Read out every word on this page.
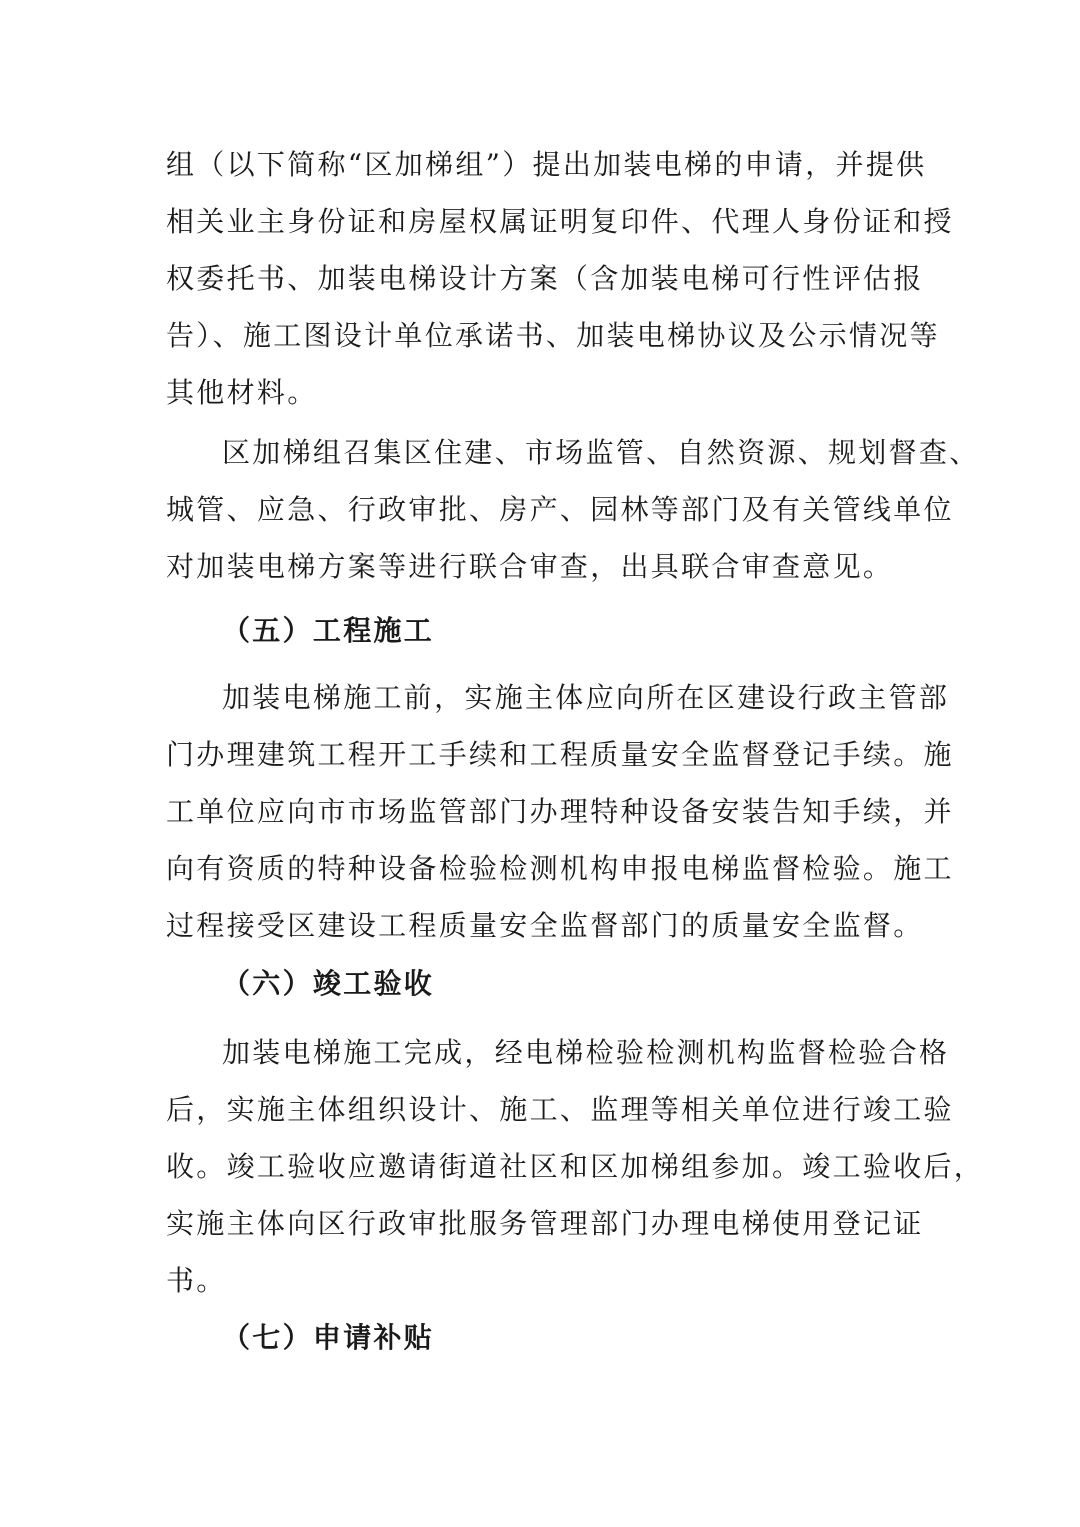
组（以下简称“区加梯组”）提出加装电梯的申请，并提供
相关业主身份证和房屋权属证明复印件、代理人身份证和授
权委托书、加装电梯设计方案（含加装电梯可行性评估报
告）、施工图设计单位承诺书、加装电梯协议及公示情况等
其他材料。
区加梯组召集区住建、市场监管、自然资源、规划督查、
城管、应急、行政审批、房产、园林等部门及有关管线单位
对加装电梯方案等进行联合审查，出具联合审查意见。
（五）工程施工
加装电梯施工前，实施主体应向所在区建设行政主管部
门办理建筑工程开工手续和工程质量安全监督登记手续。施
工单位应向市市场监管部门办理特种设备安装告知手续，并
向有资质的特种设备检验检测机构申报电梯监督检验。施工
过程接受区建设工程质量安全监督部门的质量安全监督。
（六）竣工验收
加装电梯施工完成，经电梯检验检测机构监督检验合格
后，实施主体组织设计、施工、监理等相关单位进行竣工验
收。竣工验收应邀请街道社区和区加梯组参加。竣工验收后，
实施主体向区行政审批服务管理部门办理电梯使用登记证
书。
（七）申请补贴
